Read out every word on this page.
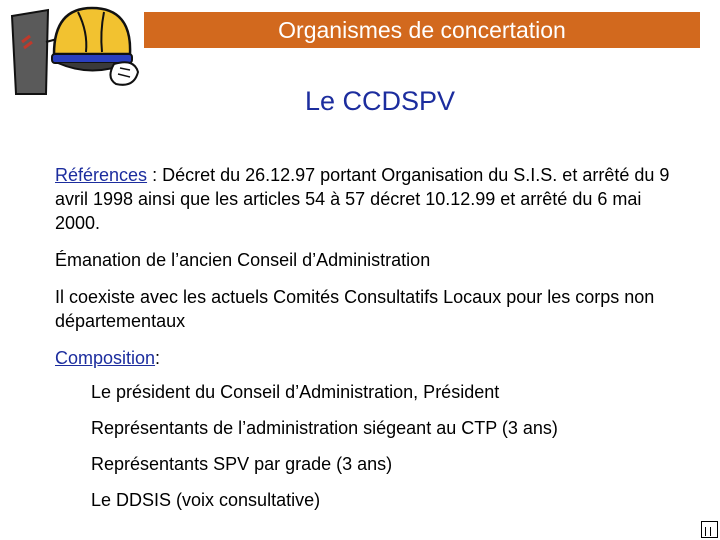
Organismes de concertation
Le CCDSPV

Références : Décret du 26.12.97 portant Organisation du S.I.S. et arrêté du 9 avril 1998 ainsi que les articles 54 à 57 décret 10.12.99 et arrêté du 6 mai 2000.

Émanation de l’ancien Conseil d’Administration

Il coexiste avec les actuels Comités Consultatifs Locaux pour les corps non départementaux

Composition:

Le président du Conseil d’Administration, Président
Représentants de l’administration siégeant au CTP (3 ans)
Représentants SPV par grade (3 ans)
Le DDSIS (voix consultative)
